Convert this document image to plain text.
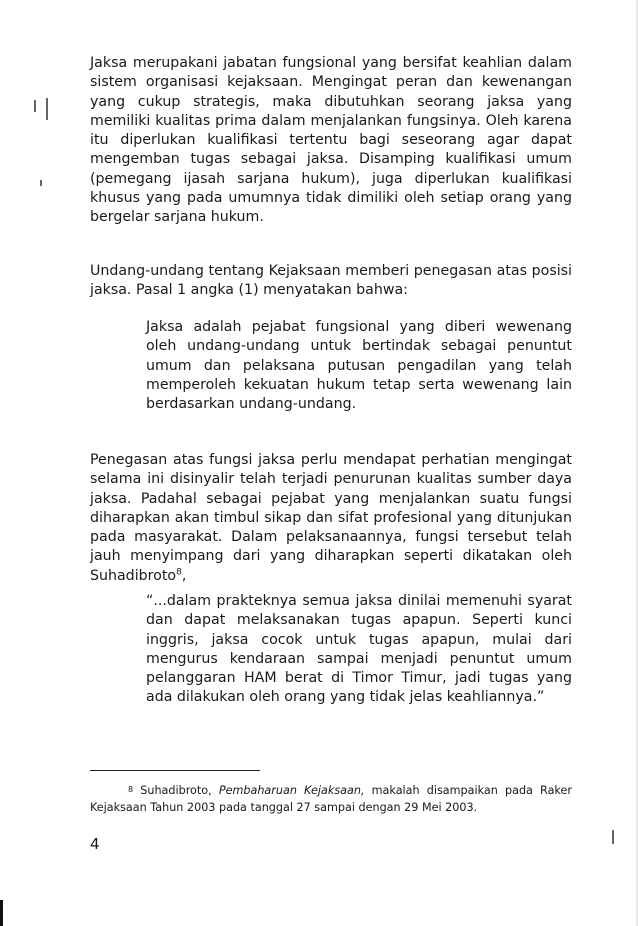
Jaksa merupakani jabatan fungsional yang bersifat keahlian dalam sistem organisasi kejaksaan. Mengingat peran dan kewenangan yang cukup strategis, maka dibutuhkan seorang jaksa yang memiliki kualitas prima dalam menjalankan fungsinya. Oleh karena itu diperlukan kualifikasi tertentu bagi seseorang agar dapat mengemban tugas sebagai jaksa. Disamping kualifikasi umum (pemegang ijasah sarjana hukum), juga diperlukan kualifikasi khusus yang pada umumnya tidak dimiliki oleh setiap orang yang bergelar sarjana hukum.

Undang-undang tentang Kejaksaan memberi penegasan atas posisi jaksa. Pasal 1 angka (1) menyatakan bahwa:

Jaksa adalah pejabat fungsional yang diberi wewenang oleh undang-undang untuk bertindak sebagai penuntut umum dan pelaksana putusan pengadilan yang telah memperoleh kekuatan hukum tetap serta wewenang lain berdasarkan undang-undang.

Penegasan atas fungsi jaksa perlu mendapat perhatian mengingat selama ini disinyalir telah terjadi penurunan kualitas sumber daya jaksa. Padahal sebagai pejabat yang menjalankan suatu fungsi diharapkan akan timbul sikap dan sifat profesional yang ditunjukan pada masyarakat. Dalam pelaksanaannya, fungsi tersebut telah jauh menyimpang dari yang diharapkan seperti dikatakan oleh Suhadibroto$^8$,

“...dalam prakteknya semua jaksa dinilai memenuhi syarat dan dapat melaksanakan tugas apapun. Seperti kunci inggris, jaksa cocok untuk tugas apapun, mulai dari mengurus kendaraan sampai menjadi penuntut umum pelanggaran HAM berat di Timor Timur, jadi tugas yang ada dilakukan oleh orang yang tidak jelas keahliannya.”

8 Suhadibroto, Pembaharuan Kejaksaan, makalah disampaikan pada Raker Kejaksaan Tahun 2003 pada tanggal 27 sampai dengan 29 Mei 2003.

4
